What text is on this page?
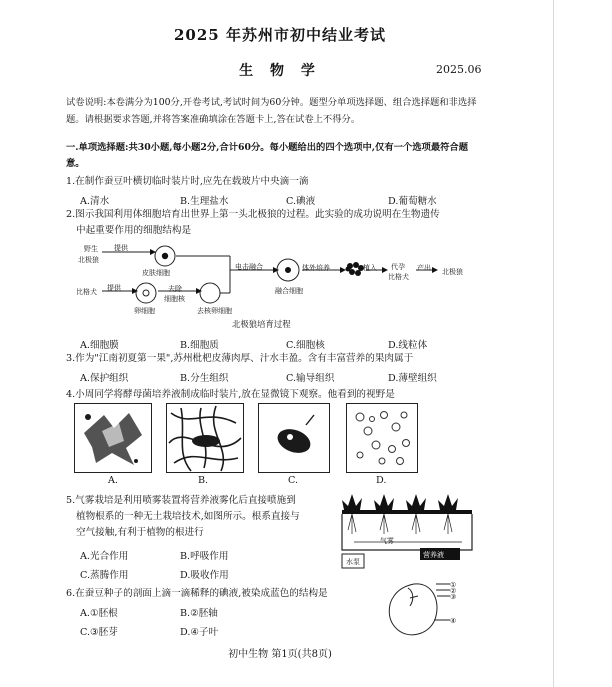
2025 年苏州市初中结业考试
生 物 学	2025.06
试卷说明:本卷满分为100分,开卷考试,考试时间为60分钟。题型分单项选择题、组合选择题和非选择题。请根据要求答题,并将答案准确填涂在答题卡上,答在试卷上不得分。
一.单项选择题:共30小题,每小题2分,合计60分。每小题给出的四个选项中,仅有一个选项最符合题意。
1.在制作蚕豆叶横切临时装片时,应先在载玻片中央滴一滴
A.清水	B.生理盐水	C.碘液	D.葡萄糖水
2.图示我国利用体细胞培育出世界上第一头北极狼的过程。此实验的成功说明在生物遗传
中起重要作用的细胞结构是
野生
北极狼
提供
皮肤细胞
电击融合
融合细胞
体外培养	植入 代孕
比格犬
产出 北极狼
比格犬 提供	去除
细胞核
卵细胞	去核卵细胞
北极狼培育过程
A.细胞膜	B.细胞质	C.细胞核	D.线粒体
3.作为"江南初夏第一果",苏州枇杷皮薄肉厚、汁水丰盈。含有丰富营养的果肉属于
A.保护组织	B.分生组织	C.输导组织	D.薄壁组织
4.小周同学将酵母菌培养液制成临时装片,放在显微镜下观察。他看到的视野是
A.	B.	C.	D.
5.气雾栽培是利用喷雾装置将营养液雾化后直接喷施到
植物根系的一种无土栽培技术,如图所示。根系直接与
空气接触,有利于植物的根进行
A.光合作用	B.呼吸作用
C.蒸腾作用	D.吸收作用
气雾
水泵
营养液
6.在蚕豆种子的剖面上滴一滴稀释的碘液,被染成蓝色的结构是
A.①胚根	B.②胚轴
C.③胚芽	D.④子叶
①
②
③
④
初中生物 第1页(共8页)
